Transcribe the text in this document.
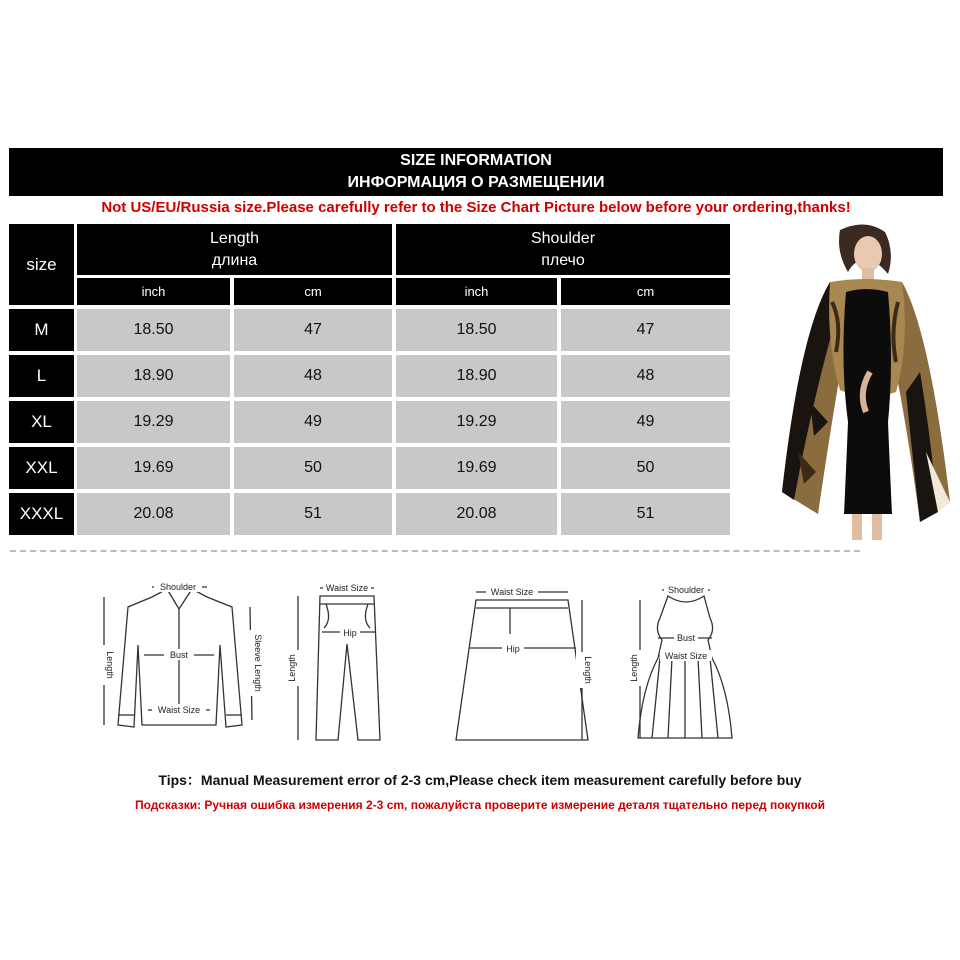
SIZE INFORMATION
ИНФОРМАЦИЯ О РАЗМЕЩЕНИИ
Not US/EU/Russia size.Please carefully refer to the Size Chart Picture below before your ordering,thanks!
size
Length
длина
Shoulder
плечо
inch	cm	inch	cm
M	18.50	47	18.50	47
L	18.90	48	18.90	48
XL	19.29	49	19.29	49
XXL	19.69	50	19.69	50
XXXL	20.08	51	20.08	51
Shoulder
Bust
Waist Size
Length	Sleeve Length
Waist Size
Hip
Length
Waist Size
Hip
Length
Shoulder
Bust
Waist Size
Length
Tips：Manual Measurement error of 2-3 cm,Please check item measurement carefully before buy
Подсказки: Ручная ошибка измерения 2-3 cm, пожалуйста проверите измерение деталя тщательно перед покупкой
